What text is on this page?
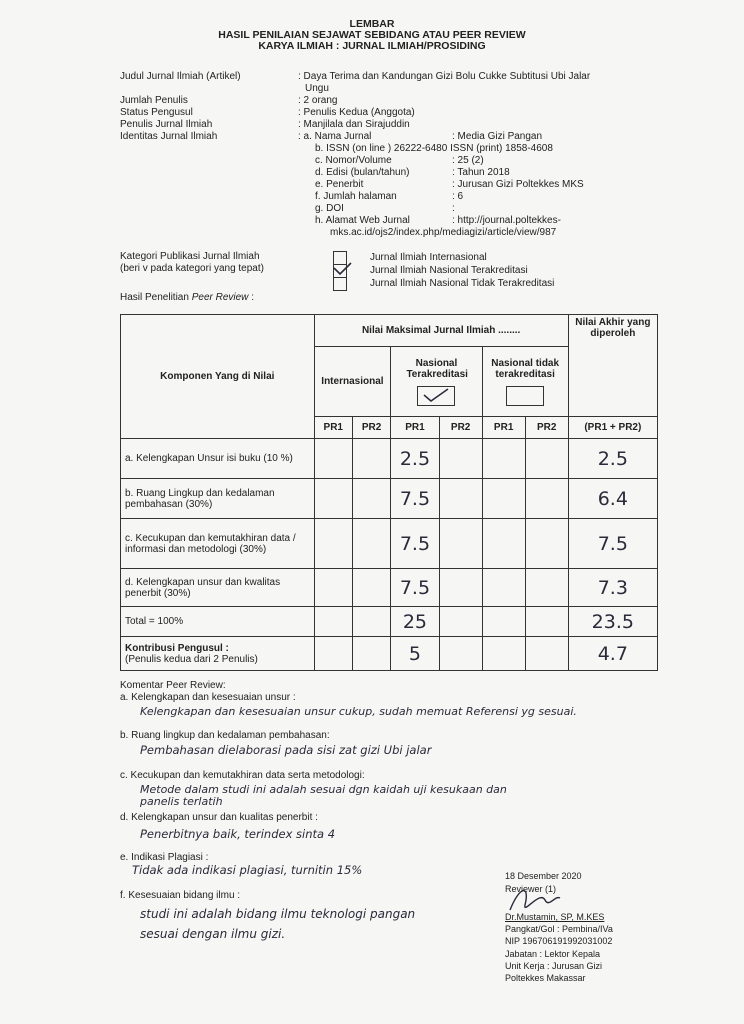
LEMBAR
HASIL PENILAIAN SEJAWAT SEBIDANG ATAU PEER REVIEW
KARYA ILMIAH : JURNAL ILMIAH/PROSIDING
Judul Jurnal Ilmiah (Artikel)	: Daya Terima dan Kandungan Gizi Bolu Cukke Subtitusi Ubi Jalar
Ungu
Jumlah Penulis	: 2 orang
Status Pengusul	: Penulis Kedua (Anggota)
Penulis Jurnal Ilmiah	: Manjilala dan Sirajuddin
Identitas Jurnal Ilmiah	: a. Nama Jurnal	: Media Gizi Pangan
b. ISSN (on line ) 26222-6480 ISSN (print) 1858-4608
c. Nomor/Volume	: 25 (2)
d. Edisi (bulan/tahun)	: Tahun 2018
e. Penerbit	: Jurusan Gizi Poltekkes MKS
f. Jumlah halaman	: 6
g. DOI	:
h. Alamat Web Jurnal	: http://journal.poltekkes-
mks.ac.id/ojs2/index.php/mediagizi/article/view/987
Kategori Publikasi Jurnal Ilmiah
(beri v pada kategori yang tepat)
Jurnal Ilmiah Internasional
Jurnal Ilmiah Nasional Terakreditasi
Jurnal Ilmiah Nasional Tidak Terakreditasi
Hasil Penelitian Peer Review :
Komponen Yang di Nilai	Nilai Maksimal Jurnal Ilmiah ........						Nilai Akhir yang diperoleh
	Internasional		Nasional Terakreditasi		Nasional tidak terakreditasi		

	PR1	PR2	PR1	PR2	PR1	PR2	(PR1 + PR2)
a. Kelengkapan Unsur isi buku (10 %)			2.5				2.5
b. Ruang Lingkup dan kedalaman pembahasan (30%)			7.5				6.4
c. Kecukupan dan kemutakhiran data / informasi dan metodologi (30%)			7.5				7.5
d. Kelengkapan unsur dan kwalitas penerbit (30%)			7.5				7.3
Total = 100%			25				23.5

Kontribusi Pengusul :
(Penulis kedua dari 2 Penulis)			5				4.7
Komentar Peer Review:
a. Kelengkapan dan kesesuaian unsur :
Kelengkapan dan kesesuaian unsur cukup, sudah memuat Referensi yg sesuai.
b. Ruang lingkup dan kedalaman pembahasan:
Pembahasan dielaborasi pada sisi zat gizi Ubi jalar
c. Kecukupan dan kemutakhiran data serta metodologi:
Metode dalam studi ini adalah sesuai dgn kaidah uji kesukaan dan
panelis terlatih
d. Kelengkapan unsur dan kualitas penerbit :
Penerbitnya baik, terindex sinta 4
e. Indikasi Plagiasi :
Tidak ada indikasi plagiasi, turnitin 15%
f. Kesesuaian bidang ilmu :
studi ini adalah bidang ilmu teknologi pangan
sesuai dengan ilmu gizi.
18 Desember 2020
Reviewer (1)
Dr.Mustamin, SP, M.KES
Pangkat/Gol : Pembina/IVa
NIP 196706191992031002
Jabatan : Lektor Kepala
Unit Kerja : Jurusan Gizi
Poltekkes Makassar
